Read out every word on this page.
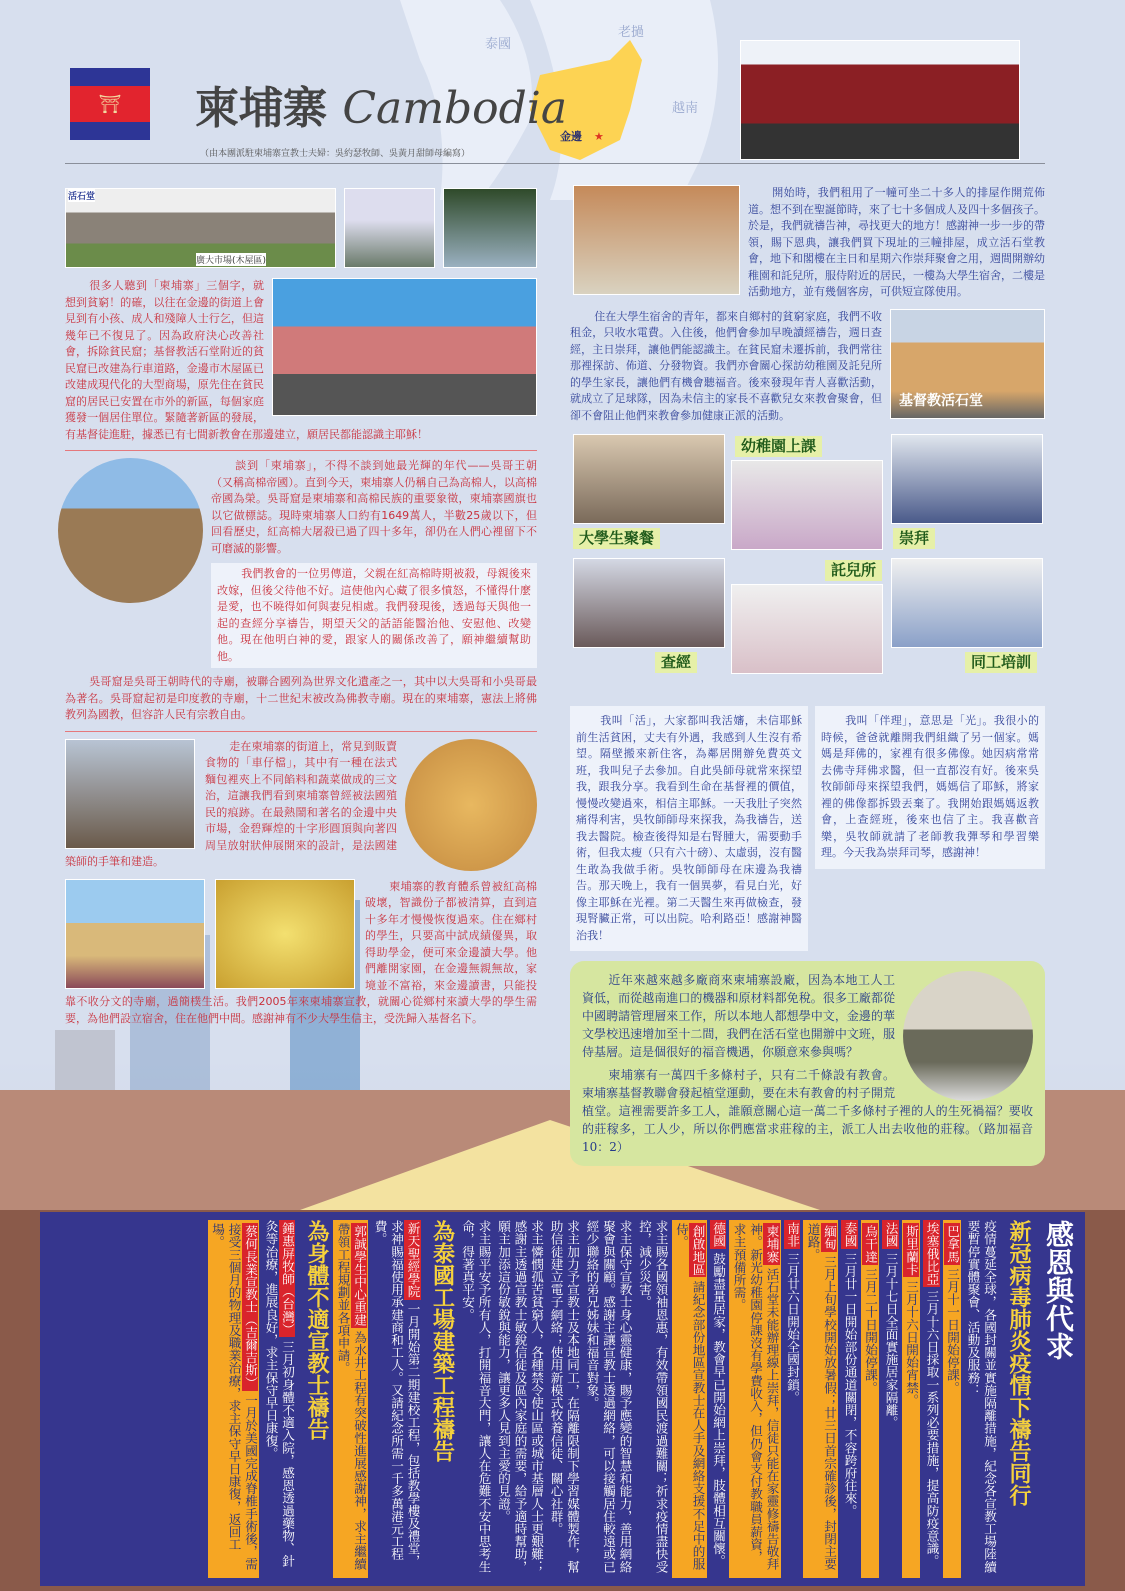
泰國
老撾
越南
金邊 ★
⛩	柬埔寨 Cambodia
（由本團派駐柬埔寨宣教士夫婦：吳約瑟牧師、吳黃月甜師母編寫）
活石堂
廣大市場(木屋區)
很多人聽到「柬埔寨」三個字，就想到貧窮！的確，以往在金邊的街道上會見到有小孩、成人和殘障人士行乞，但這幾年已不復見了。因為政府決心改善社會，拆除貧民窟；基督教活石堂附近的貧民窟已改建為行車道路，金邊市木屋區已改建成現代化的大型商場，原先住在貧民窟的居民已安置在市外的新區，每個家庭獲發一個居住單位。緊隨著新區的發展，有基督徒進駐，據悉已有七間新教會在那邊建立，願居民都能認識主耶穌！
談到「柬埔寨」，不得不談到她最光輝的年代——吳哥王朝（又稱高棉帝國）。直到今天，柬埔寨人仍稱自己為高棉人，以高棉帝國為榮。吳哥窟是柬埔寨和高棉民族的重要象徵，柬埔寨國旗也以它做標誌。現時柬埔寨人口約有1649萬人，半數25歲以下，但回看歷史，紅高棉大屠殺已過了四十多年，卻仍在人們心裡留下不可磨滅的影響。
我們教會的一位男傳道，父親在紅高棉時期被殺，母親後來改嫁，但後父待他不好。這使他內心藏了很多憤怒，不懂得什麼是愛，也不曉得如何與妻兒相處。我們發現後，透過每天與他一起的查經分享禱告，期望天父的話語能醫治他、安慰他、改變他。現在他明白神的愛，跟家人的關係改善了，願神繼續幫助他。
吳哥窟是吳哥王朝時代的寺廟，被聯合國列為世界文化遺產之一，其中以大吳哥和小吳哥最為著名。吳哥窟起初是印度教的寺廟，十二世紀末被改為佛教寺廟。現在的柬埔寨，憲法上將佛教列為國教，但容許人民有宗教自由。
走在柬埔寨的街道上，常見到販賣食物的「車仔檔」，其中有一種在法式麵包裡夾上不同餡料和蔬菜做成的三文治，這讓我們看到柬埔寨曾經被法國殖民的痕跡。在最熱鬧和著名的金邊中央市場，金碧輝煌的十字形圓頂與向著四周呈放射狀伸展開來的設計，是法國建築師的手筆和建造。
柬埔寨的教育體系曾被紅高棉破壞，智識份子都被清算，直到這十多年才慢慢恢復過來。住在鄉村的學生，只要高中試成績優異，取得助學金，便可來金邊讀大學。他們離開家園，在金邊無親無故，家境並不富裕，來金邊讀書，只能投靠不收分文的寺廟，過簡樸生活。我們2005年來柬埔寨宣教，就關心從鄉村來讀大學的學生需要，為他們設立宿舍，住在他們中間。感謝神有不少大學生信主，受洗歸入基督名下。
開始時，我們租用了一幢可坐二十多人的排屋作開荒佈道。想不到在聖誕節時，來了七十多個成人及四十多個孩子。於是，我們就禱告神，尋找更大的地方！感謝神一步一步的帶領，賜下恩典，讓我們買下現址的三幢排屋，成立活石堂教會，地下和閣樓在主日和星期六作崇拜聚會之用，週間開辦幼稚園和託兒所，服侍附近的居民，一樓為大學生宿舍，二樓是活動地方，並有幾個客房，可供短宣隊使用。
基督教活石堂
住在大學生宿舍的青年，都來自鄉村的貧窮家庭，我們不收租金，只收水電費。入住後，他們會參加早晚讀經禱告，週日查經，主日崇拜，讓他們能認識主。在貧民窟未遷拆前，我們常往那裡探訪、佈道、分發物資。我們亦會關心探訪幼稚園及託兒所的學生家長，讓他們有機會聽福音。後來發現年青人喜歡活動，就成立了足球隊，因為未信主的家長不喜歡兒女來教會聚會，但卻不會阻止他們來教會參加健康正派的活動。
幼稚園上課
大學生聚餐	崇拜
託兒所
查經	同工培訓
我叫「活」，大家都叫我活嬸，未信耶穌前生活貧困，丈夫有外遇，我感到人生沒有希望。隔壁搬來新住客，為鄰居開辦免費英文班，我叫兒子去參加。自此吳師母就常來探望我，跟我分享。我看到生命在基督裡的價值，慢慢改變過來，相信主耶穌。一天我肚子突然痛得利害，吳牧師師母來探我，為我禱告，送我去醫院。檢查後得知是右腎腫大，需要動手術，但我太瘦（只有六十磅）、太虛弱，沒有醫生敢為我做手術。吳牧師師母在床邊為我禱告。那天晚上，我有一個異夢，看見白光，好像主耶穌在光裡。第二天醫生來再做檢查，發現腎臟正常，可以出院。哈利路亞！感謝神醫治我！
我叫「伴理」，意思是「光」。我很小的時候，爸爸就離開我們組織了另一個家。媽媽是拜佛的，家裡有很多佛像。她因病常常去佛寺拜佛求醫，但一直都沒有好。後來吳牧師師母來探望我們，媽媽信了耶穌，將家裡的佛像都拆毀丟棄了。我開始跟媽媽返教會，上查經班，後來也信了主。我喜歡音樂，吳牧師就請了老師教我彈琴和學習樂理。今天我為崇拜司琴，感謝神！
近年來越來越多廠商來柬埔寨設廠，因為本地工人工資低，而從越南進口的機器和原材料都免稅。很多工廠都從中國聘請管理層來工作，所以本地人都想學中文，金邊的華文學校迅速增加至十二間，我們在活石堂也開辦中文班，服侍基層。這是個很好的福音機遇，你願意來參與嗎？
柬埔寨有一萬四千多條村子，只有二千條設有教會。柬埔寨基督教聯會發起植堂運動，要在未有教會的村子開荒植堂。這裡需要許多工人，誰願意關心這一萬二千多條村子裡的人的生死禍福？要收的莊稼多，工人少，所以你們應當求莊稼的主，派工人出去收他的莊稼。（路加福音10：2）
感恩與代求
新冠病毒肺炎疫情下禱告同行
疫情蔓延全球，各國封關並實施隔離措施，紀念各宣教工場陸續要暫停實體聚會、活動及服務：
巴拿馬三月十一日開始停課。
埃塞俄比亞三月十六日採取一系列必要措施，提高防疫意識。
斯里蘭卡三月十六日開始宵禁。
法國三月十七日全面實施居家隔離。
烏干達三月二十日開始停課。
泰國三月廿一日開始部份通道關閉，不容跨府往來。
緬甸三月上旬學校開始放暑假；廿三日首宗確診後，封閉主要道路。
南非三月廿六日開始全國封鎖。
柬埔寨活石堂未能辦理線上崇拜，信徒只能在家靈修禱告敬拜神。新光幼稚園停課沒有學費收入，但仍會支付教職員薪資，求主預備所需。
德國鼓勵盡量居家，教會早已開始網上崇拜，肢體相互關懷。
創啟地區請紀念部份地區宣教士在人手及網絡支援不足中的服侍。
求主賜各國領袖恩惠，有效帶領國民渡過難關；祈求疫情盡快受控，減少災害。
求主保守宣教士身心靈健康，賜予應變的智慧和能力，善用網絡聚會與關顧。感謝主讓宣教士透過網絡，可以接觸居住較遠或已經少聯絡的弟兄姊妹和福音對象。
求主加力予宣教士及本地同工，在隔離限制下學習媒體製作，幫助信徒建立電子網絡；使用新模式牧養信徒、關心社群。
求主憐憫孤苦貧窮人，各種禁令使山區或城市基層人士更艱難；感謝主透過宣教士敏銳信徒及區內家庭的需要，給予適時幫助，願主加添這份敏銳與能力，讓更多人見到主愛的見證。
求主賜平安予所有人，打開福音大門，讓人在危難不安中思考生命，得著真平安。
為泰國工場建築工程禱告
新天聖經學院一月開始第二期建校工程，包括教學樓及禮堂，求神賜福使用承建商和工人。又請紀念所需一千多萬港元工程費。
郭誠學生中心重建為水井工程有突破性進展感謝神，求主繼續帶領工程規劃並各項申請。
為身體不適宣教士禱告
鍾惠屏牧師（台灣）三月初身體不適入院，感恩透過藥物、針灸等治療，進展良好，求主保守早日康復。
蔡何長業宣教士（吉爾吉斯）一月於美國完成脊椎手術後，需接受三個月的物理及職業治療，求主保守早日康復，返回工場。
